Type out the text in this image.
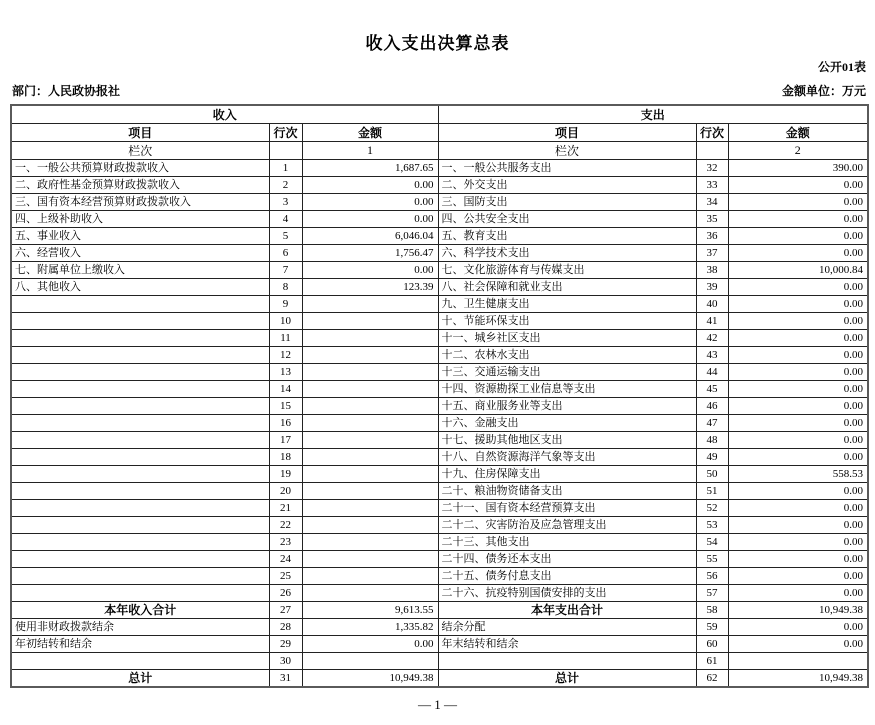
收入支出决算总表
公开01表
部门：人民政协报社	金额单位：万元
收入			支出		
项目	行次	金额	项目	行次	金额
栏次		1	栏次		2
一、一般公共预算财政拨款收入	1	1,687.65	一、一般公共服务支出	32	390.00
二、政府性基金预算财政拨款收入	2	0.00	二、外交支出	33	0.00
三、国有资本经营预算财政拨款收入	3	0.00	三、国防支出	34	0.00
四、上级补助收入	4	0.00	四、公共安全支出	35	0.00
五、事业收入	5	6,046.04	五、教育支出	36	0.00
六、经营收入	6	1,756.47	六、科学技术支出	37	0.00
七、附属单位上缴收入	7	0.00	七、文化旅游体育与传媒支出	38	10,000.84
八、其他收入	8	123.39	八、社会保障和就业支出	39	0.00
	9		九、卫生健康支出	40	0.00
	10		十、节能环保支出	41	0.00
	11		十一、城乡社区支出	42	0.00
	12		十二、农林水支出	43	0.00
	13		十三、交通运输支出	44	0.00
	14		十四、资源勘探工业信息等支出	45	0.00
	15		十五、商业服务业等支出	46	0.00
	16		十六、金融支出	47	0.00
	17		十七、援助其他地区支出	48	0.00
	18		十八、自然资源海洋气象等支出	49	0.00
	19		十九、住房保障支出	50	558.53
	20		二十、粮油物资储备支出	51	0.00
	21		二十一、国有资本经营预算支出	52	0.00
	22		二十二、灾害防治及应急管理支出	53	0.00
	23		二十三、其他支出	54	0.00
	24		二十四、债务还本支出	55	0.00
	25		二十五、债务付息支出	56	0.00
	26		二十六、抗疫特别国债安排的支出	57	0.00
本年收入合计	27	9,613.55	本年支出合计	58	10,949.38
使用非财政拨款结余	28	1,335.82	结余分配	59	0.00
年初结转和结余	29	0.00	年末结转和结余	60	0.00
	30			61	
总计	31	10,949.38	总计	62	10,949.38
— 1 —
